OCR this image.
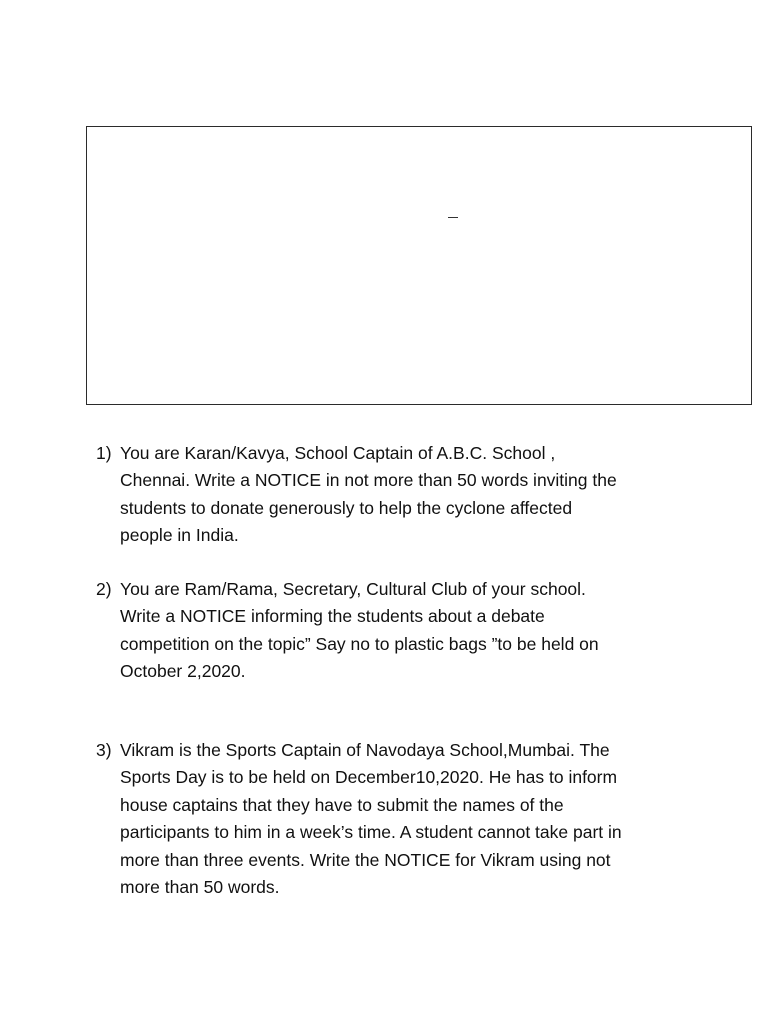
1) You are Karan/Kavya, School Captain of A.B.C. School ,
Chennai. Write a NOTICE in not more than 50 words inviting the
students to donate generously to help the cyclone affected
people in India.
2) You are Ram/Rama, Secretary, Cultural Club of your school.
Write a NOTICE informing the students about a debate
competition on the topic” Say no to plastic bags ”to be held on
October 2,2020.
3) Vikram is the Sports Captain of Navodaya School,Mumbai. The
Sports Day is to be held on December10,2020. He has to inform
house captains that they have to submit the names of the
participants to him in a week’s time. A student cannot take part in
more than three events. Write the NOTICE for Vikram using not
more than 50 words.
